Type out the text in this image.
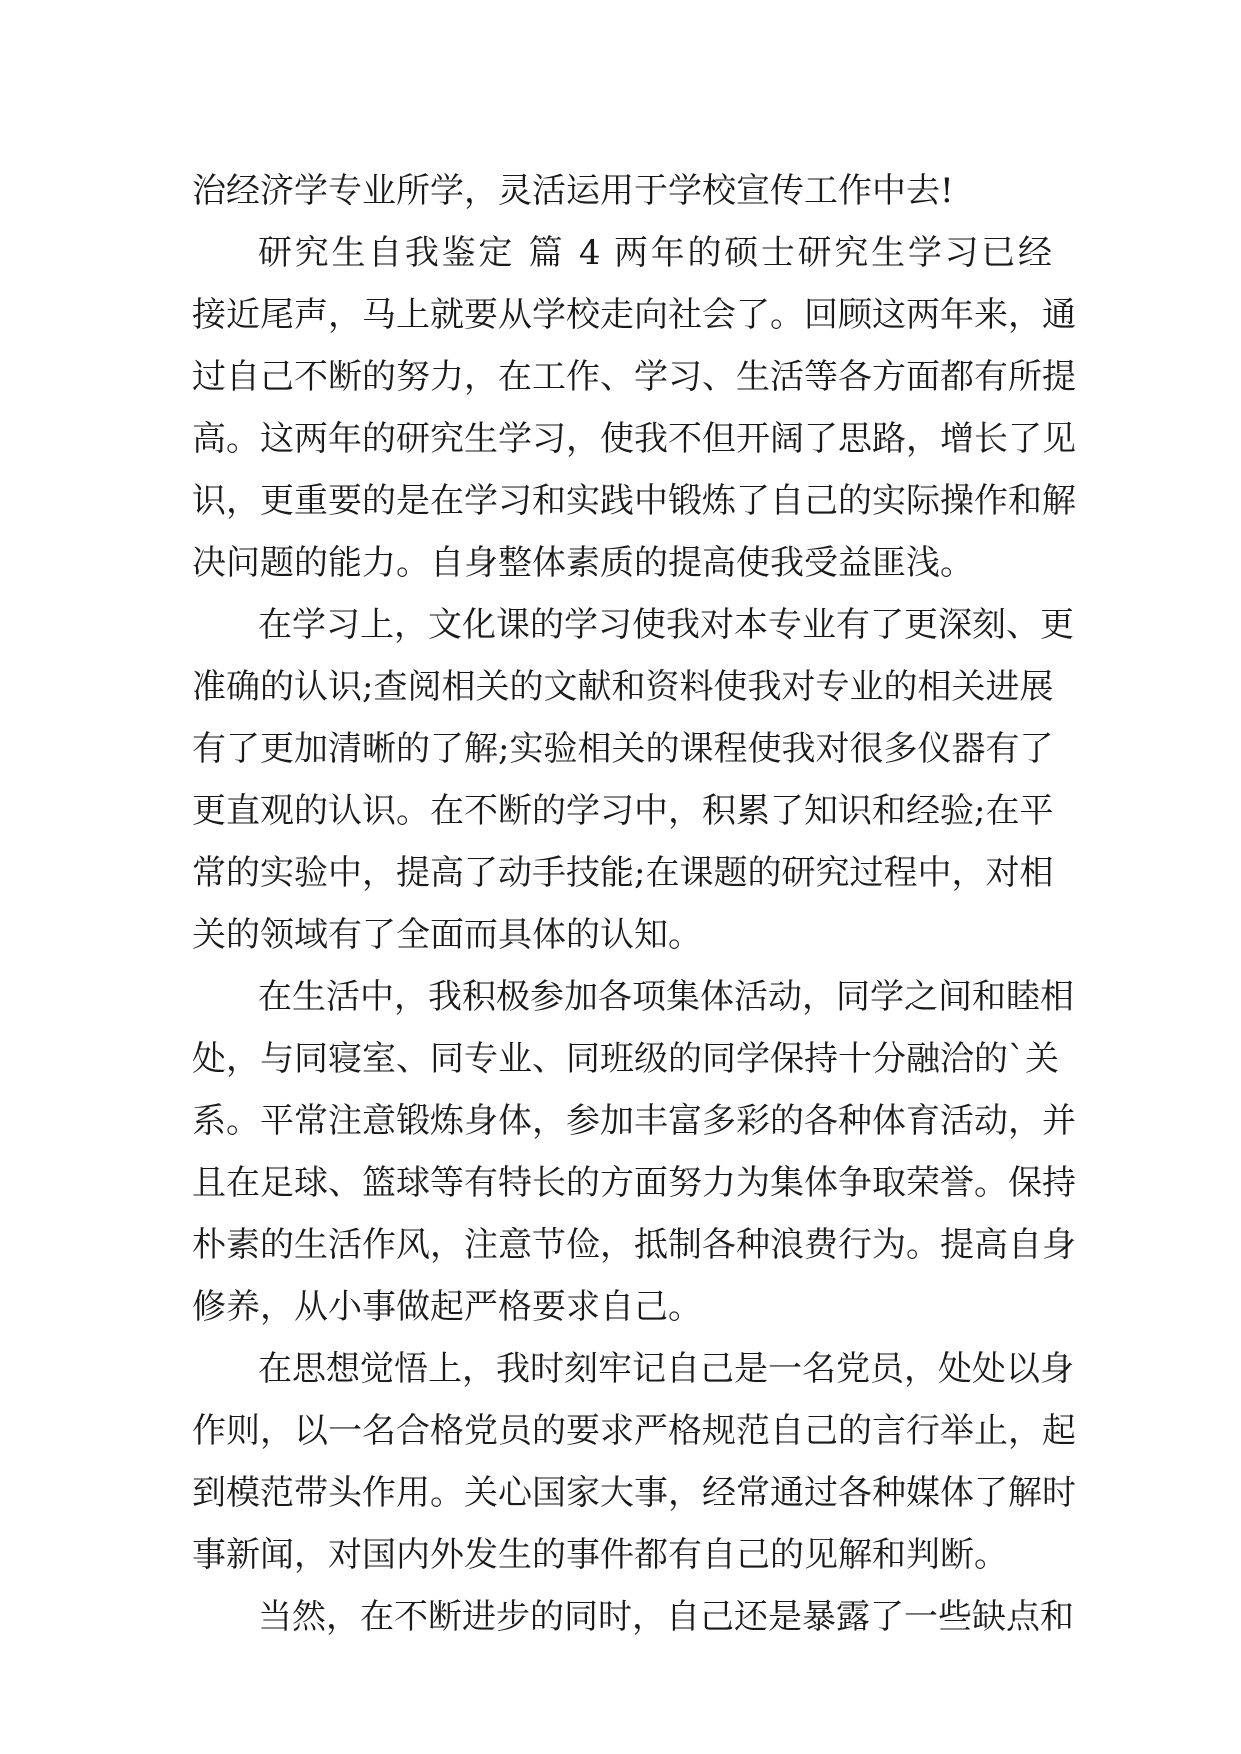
治经济学专业所学，灵活运用于学校宣传工作中去!
研究生自我鉴定 篇 4 两年的硕士研究生学习已经
接近尾声，马上就要从学校走向社会了。回顾这两年来，通
过自己不断的努力，在工作、学习、生活等各方面都有所提
高。这两年的研究生学习，使我不但开阔了思路，增长了见
识，更重要的是在学习和实践中锻炼了自己的实际操作和解
决问题的能力。自身整体素质的提高使我受益匪浅。
在学习上，文化课的学习使我对本专业有了更深刻、更
准确的认识;查阅相关的文献和资料使我对专业的相关进展
有了更加清晰的了解;实验相关的课程使我对很多仪器有了
更直观的认识。在不断的学习中，积累了知识和经验;在平
常的实验中，提高了动手技能;在课题的研究过程中，对相
关的领域有了全面而具体的认知。
在生活中，我积极参加各项集体活动，同学之间和睦相
处，与同寝室、同专业、同班级的同学保持十分融洽的`关
系。平常注意锻炼身体，参加丰富多彩的各种体育活动，并
且在足球、篮球等有特长的方面努力为集体争取荣誉。保持
朴素的生活作风，注意节俭，抵制各种浪费行为。提高自身
修养，从小事做起严格要求自己。
在思想觉悟上，我时刻牢记自己是一名党员，处处以身
作则，以一名合格党员的要求严格规范自己的言行举止，起
到模范带头作用。关心国家大事，经常通过各种媒体了解时
事新闻，对国内外发生的事件都有自己的见解和判断。
当然，在不断进步的同时，自己还是暴露了一些缺点和
